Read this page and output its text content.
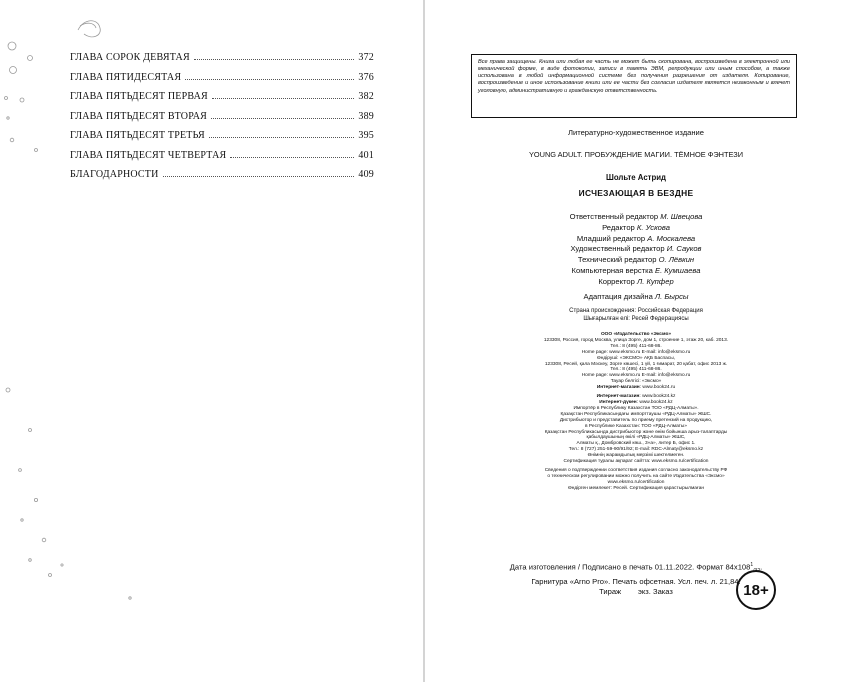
ГЛАВА СОРОК ДЕВЯТАЯ	372
ГЛАВА ПЯТИДЕСЯТАЯ	376
ГЛАВА ПЯТЬДЕСЯТ ПЕРВАЯ	382
ГЛАВА ПЯТЬДЕСЯТ ВТОРАЯ	389
ГЛАВА ПЯТЬДЕСЯТ ТРЕТЬЯ	395
ГЛАВА ПЯТЬДЕСЯТ ЧЕТВЕРТАЯ	401
БЛАГОДАРНОСТИ	409
Все права защищены. Книга или любая ее часть не может быть скопирована, воспроизведена в электронной или механической форме, в виде фотокопии, записи в память ЭВМ, репродукции или иным способом, а также использована в любой информационной системе без получения разрешения от издателя. Копирование, воспроизведение и иное использование книги или ее части без согласия издателя является незаконным и влечет уголовную, административную и гражданскую ответственность.
Литературно-художественное издание
YOUNG ADULT. ПРОБУЖДЕНИЕ МАГИИ. ТЁМНОЕ ФЭНТЕЗИ
Шольте Астрид
ИСЧЕЗАЮЩАЯ В БЕЗДНЕ
Ответственный редактор М. Швецова
Редактор К. Ускова
Младший редактор А. Москалева
Художественный редактор И. Сауков
Технический редактор О. Лёвкин
Компьютерная верстка Е. Кумшаева
Корректор Л. Купфер
Адаптация дизайна Л. Бырсы
Страна происхождения: Российская Федерация
Шығарылған елі: Ресей Федерациясы
ООО «Издательство «Эксмо»
123308, Россия, город Москва, улица Зорге, дом 1, строение 1, этаж 20, каб. 2013.
Тел.: 8 (495) 411-68-86.
Home page: www.eksmo.ru E-mail: info@eksmo.ru
Өндіруші: «ЭКСМО» АҚБ Баспасы,
123308, Ресей, қала Мәскеу, Зорге көшесі, 1 үй, 1 ғимарат, 20 қабат, офис 2013 ж.
Тел.: 8 (495) 411-68-86.
Home page: www.eksmo.ru E-mail: info@eksmo.ru
Тауар белгісі: «Эксмо»
Интернет-магазин: www.book24.ru
Интернет-магазин: www.book24.kz
Интернет-дүкен: www.book24.kz
Импортёр в Республику Казахстан ТОО «РДЦ-Алматы».
Қазақстан Республикасындағы импорттаушы «РДЦ-Алматы» ЖШС.
Дистрибьютор и представитель по приему претензий на продукцию,
в Республике Казахстан: ТОО «РДЦ-Алматы»
Қазақстан Республикасында дистрибьютор және өнім бойынша арыз-талаптарды
қабылдаушының өкілі «РДЦ-Алматы» ЖШС,
Алматы қ., Домбровский көш., 3«а», литер Б, офис 1.
Тел.: 8 (727) 251-59-90/91/92; E-mail: RDC-Almaty@eksmo.kz
Өнімнің жарамдылық мерзімі шектелмеген.
Сертификация туралы ақпарат сайтта: www.eksmo.ru/certification
Сведения о подтверждении соответствия издания согласно законодательству РФ
о техническом регулировании можно получить на сайте Издательства «Эксмо»
www.eksmo.ru/certification
Өндірген мемлекет: Ресей. Сертификация қарастырылмаған
Дата изготовления / Подписано в печать 01.11.2022. Формат $84х108^1_{/32}$.
Гарнитура «Arno Pro». Печать офсетная. Усл. печ. л. 21,84.
Тираж        экз. Заказ	18+
